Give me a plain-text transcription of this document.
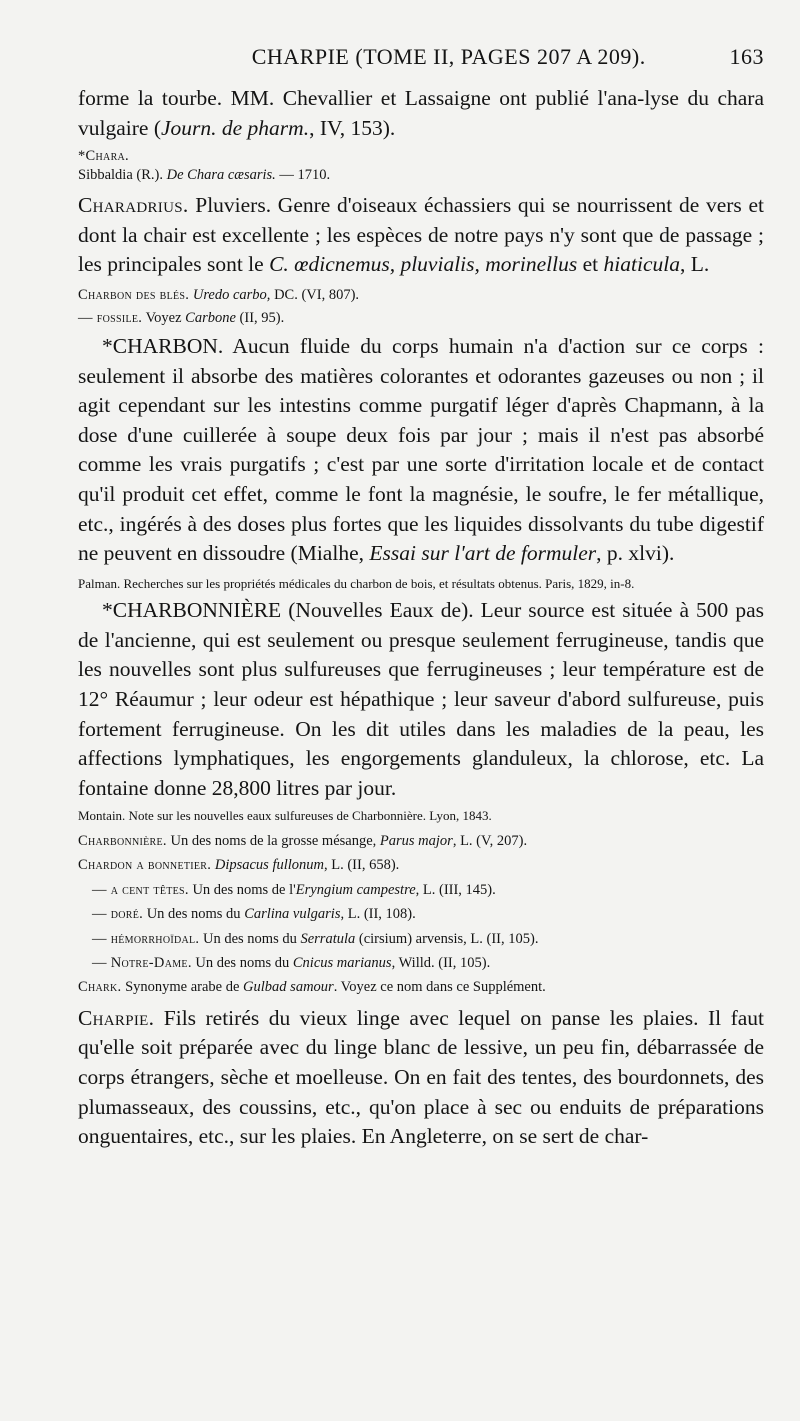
CHARPIE (TOME II, PAGES 207 A 209).	163

forme la tourbe. MM. Chevallier et Lassaigne ont publié l'ana-lyse du chara vulgaire (Journ. de pharm., IV, 153).

*Chara.

Sibbaldia (R.). De Chara cæsaris. — 1710.

Charadrius. Pluviers. Genre d'oiseaux échassiers qui se nourrissent de vers et dont la chair est excellente ; les espèces de notre pays n'y sont que de passage ; les principales sont le C. œdicnemus, pluvialis, morinellus et hiaticula, L.

Charbon des blés. Uredo carbo, DC. (VI, 807).

— fossile. Voyez Carbone (II, 95).

*CHARBON. Aucun fluide du corps humain n'a d'action sur ce corps : seulement il absorbe des matières colorantes et odorantes gazeuses ou non ; il agit cependant sur les intestins comme purgatif léger d'après Chapmann, à la dose d'une cuillerée à soupe deux fois par jour ; mais il n'est pas absorbé comme les vrais purgatifs ; c'est par une sorte d'irritation locale et de contact qu'il produit cet effet, comme le font la magnésie, le soufre, le fer métallique, etc., ingérés à des doses plus fortes que les liquides dissolvants du tube digestif ne peuvent en dissoudre (Mialhe, Essai sur l'art de formuler, p. xlvi).

Palman. Recherches sur les propriétés médicales du charbon de bois, et résultats obtenus. Paris, 1829, in-8.

*CHARBONNIÈRE (Nouvelles Eaux de). Leur source est située à 500 pas de l'ancienne, qui est seulement ou presque seulement ferrugineuse, tandis que les nouvelles sont plus sulfureuses que ferrugineuses ; leur température est de 12° Réaumur ; leur odeur est hépathique ; leur saveur d'abord sulfureuse, puis fortement ferrugineuse. On les dit utiles dans les maladies de la peau, les affections lymphatiques, les engorgements glanduleux, la chlorose, etc. La fontaine donne 28,800 litres par jour.

Montain. Note sur les nouvelles eaux sulfureuses de Charbonnière. Lyon, 1843.

Charbonnière. Un des noms de la grosse mésange, Parus major, L. (V, 207).

Chardon a bonnetier. Dipsacus fullonum, L. (II, 658).

— a cent têtes. Un des noms de l'Eryngium campestre, L. (III, 145).

— doré. Un des noms du Carlina vulgaris, L. (II, 108).

— hémorrhoïdal. Un des noms du Serratula (cirsium) arvensis, L. (II, 105).

— Notre-Dame. Un des noms du Cnicus marianus, Willd. (II, 105).

Chark. Synonyme arabe de Gulbad samour. Voyez ce nom dans ce Supplément.

Charpie. Fils retirés du vieux linge avec lequel on panse les plaies. Il faut qu'elle soit préparée avec du linge blanc de lessive, un peu fin, débarrassée de corps étrangers, sèche et moelleuse. On en fait des tentes, des bourdonnets, des plumasseaux, des coussins, etc., qu'on place à sec ou enduits de préparations onguentaires, etc., sur les plaies. En Angleterre, on se sert de char-
